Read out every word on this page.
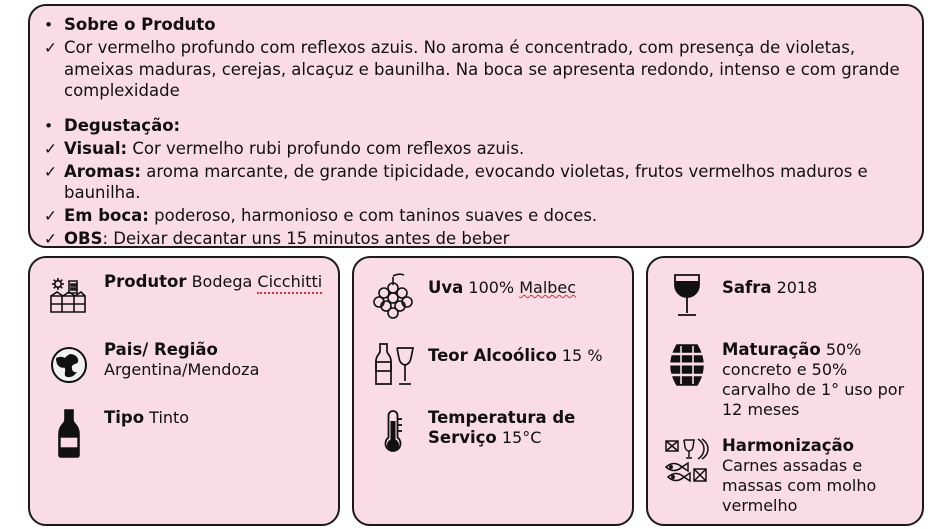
• Sobre o Produto
✓ Cor vermelho profundo com reflexos azuis. No aroma é concentrado, com presença de violetas, ameixas maduras, cerejas, alcaçuz e baunilha. Na boca se apresenta redondo, intenso e com grande complexidade
• Degustação:
✓ Visual: Cor vermelho rubi profundo com reflexos azuis.
✓ Aromas: aroma marcante, de grande tipicidade, evocando violetas, frutos vermelhos maduros e baunilha.
✓ Em boca: poderoso, harmonioso e com taninos suaves e doces.
✓ OBS: Deixar decantar uns 15 minutos antes de beber
Produtor Bodega Cicchitti
Pais/ Região Argentina/Mendoza
Tipo Tinto
Uva 100% Malbec
Teor Alcoólico 15 %
Temperatura de Serviço 15°C
Safra 2018
Maturação 50% concreto e 50% carvalho de 1° uso por 12 meses
Harmonização Carnes assadas e massas com molho vermelho
